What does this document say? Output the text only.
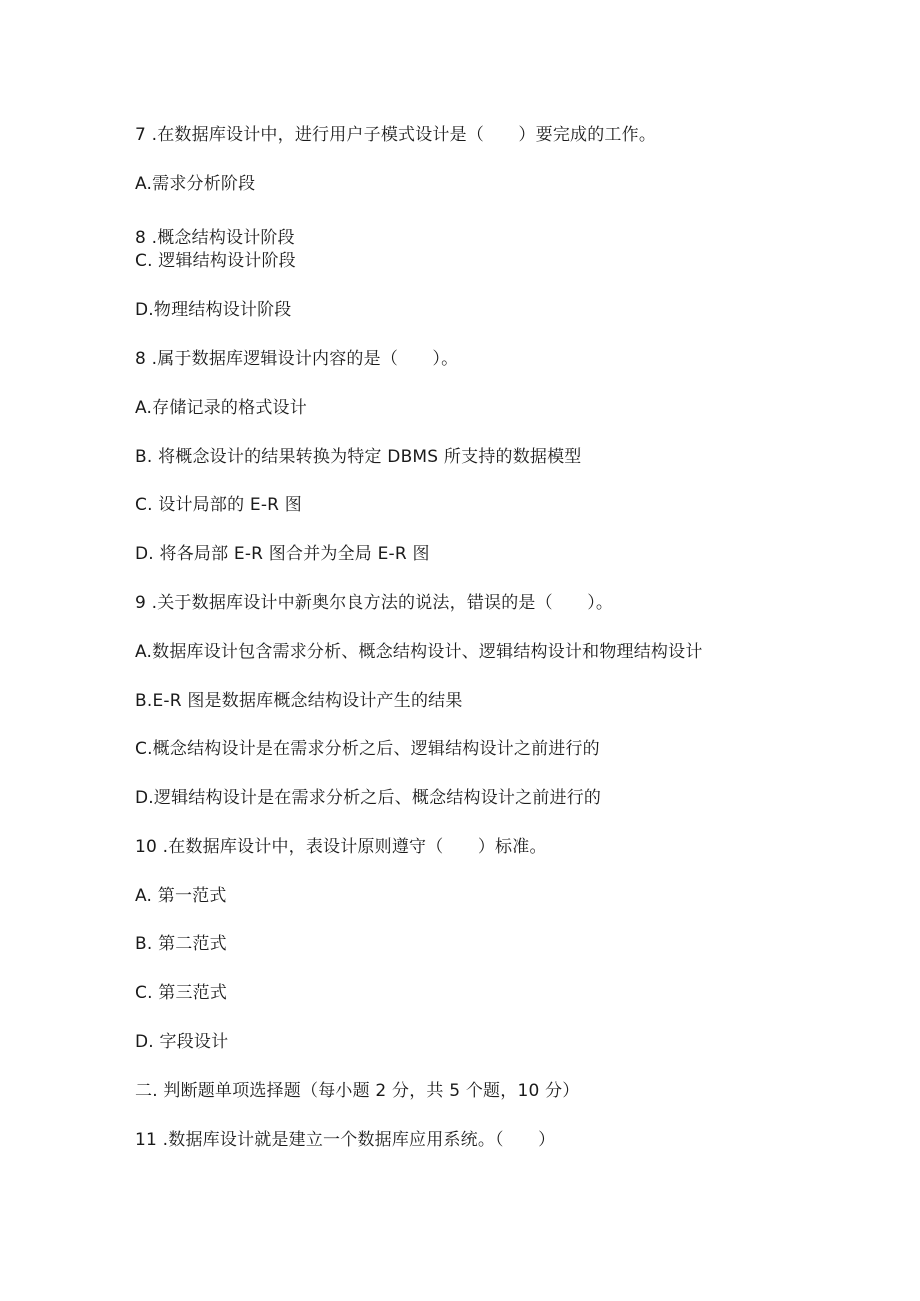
7 .在数据库设计中，进行用户子模式设计是（　　）要完成的工作。
A.需求分析阶段
8 .概念结构设计阶段
C. 逻辑结构设计阶段
D.物理结构设计阶段
8 .属于数据库逻辑设计内容的是（　　）。
A.存储记录的格式设计
B. 将概念设计的结果转换为特定 DBMS 所支持的数据模型
C. 设计局部的 E-R 图
D. 将各局部 E-R 图合并为全局 E-R 图
9 .关于数据库设计中新奥尔良方法的说法，错误的是（　　）。
A.数据库设计包含需求分析、概念结构设计、逻辑结构设计和物理结构设计
B.E-R 图是数据库概念结构设计产生的结果
C.概念结构设计是在需求分析之后、逻辑结构设计之前进行的
D.逻辑结构设计是在需求分析之后、概念结构设计之前进行的
10 .在数据库设计中，表设计原则遵守（　　）标准。
A. 第一范式
B. 第二范式
C. 第三范式
D. 字段设计
二. 判断题单项选择题（每小题 2 分，共 5 个题，10 分）
11 .数据库设计就是建立一个数据库应用系统。（　　）
